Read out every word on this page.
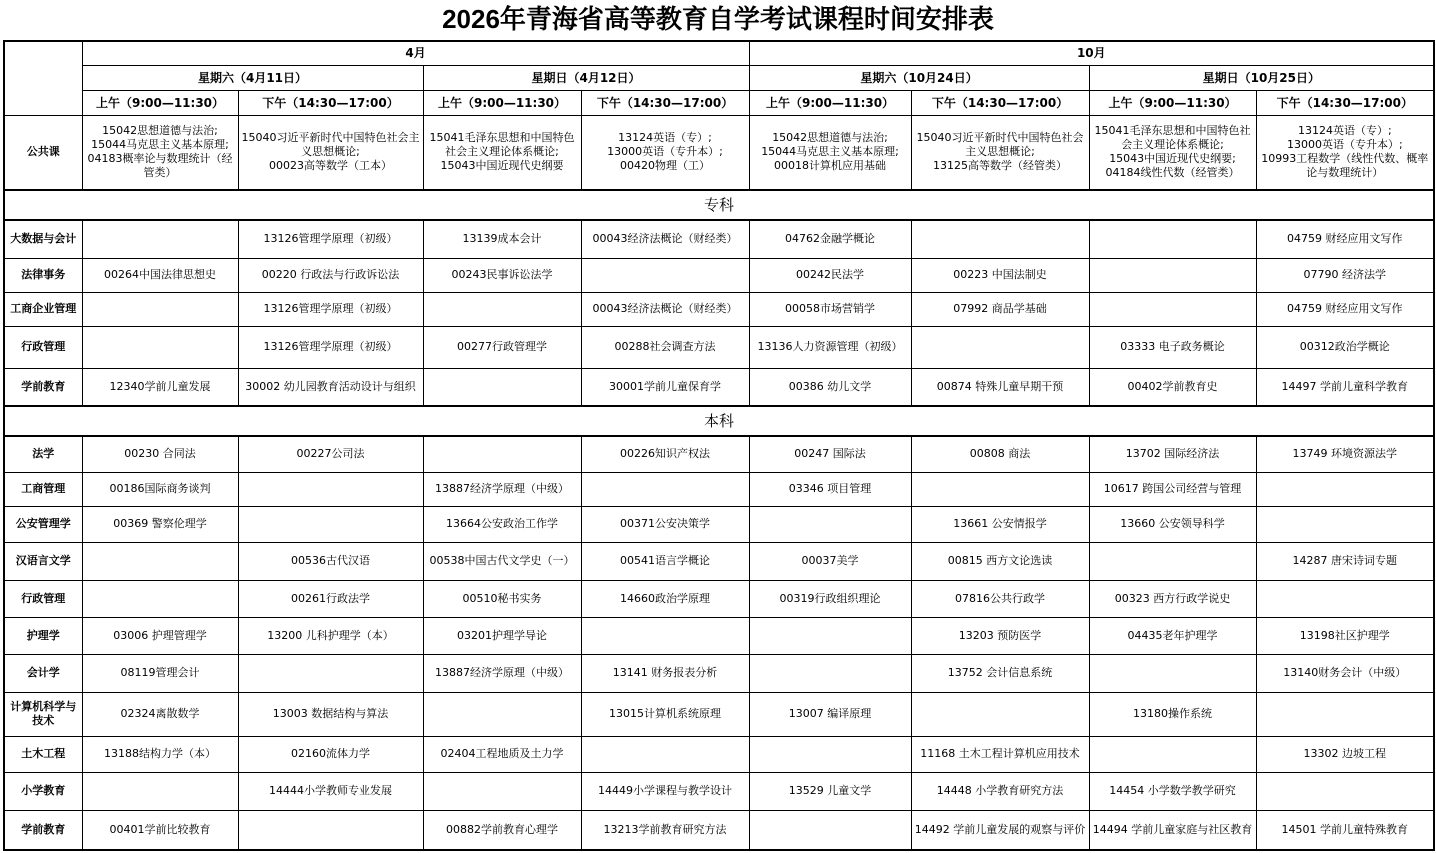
2026年青海省高等教育自学考试课程时间安排表
	4月				10月			
	星期六（4月11日）		星期日（4月12日）		星期六（10月24日）		星期日（10月25日）	
	上午（9:00—11:30）	下午（14:30—17:00）	上午（9:00—11:30）	下午（14:30—17:00）	上午（9:00—11:30）	下午（14:30—17:00）	上午（9:00—11:30）	下午（14:30—17:00）
公共课	15042思想道德与法治;
15044马克思主义基本原理;
04183概率论与数理统计（经管类）	15040习近平新时代中国特色社会主义思想概论;
00023高等数学（工本）	15041毛泽东思想和中国特色社会主义理论体系概论;
15043中国近现代史纲要	13124英语（专）;
13000英语（专升本）;
00420物理（工）	15042思想道德与法治;
15044马克思主义基本原理;
00018计算机应用基础	15040习近平新时代中国特色社会主义思想概论;
13125高等数学（经管类）	15041毛泽东思想和中国特色社会主义理论体系概论;
15043中国近现代史纲要;
04184线性代数（经管类）	13124英语（专）;
13000英语（专升本）;
10993工程数学（线性代数、概率论与数理统计）
专科								
大数据与会计		13126管理学原理（初级）	13139成本会计	00043经济法概论（财经类）	04762金融学概论			04759 财经应用文写作
法律事务	00264中国法律思想史	00220 行政法与行政诉讼法	00243民事诉讼法学		00242民法学	00223 中国法制史		07790 经济法学
工商企业管理		13126管理学原理（初级）		00043经济法概论（财经类）	00058市场营销学	07992 商品学基础		04759 财经应用文写作
行政管理		13126管理学原理（初级）	00277行政管理学	00288社会调查方法	13136人力资源管理（初级）		03333 电子政务概论	00312政治学概论
学前教育	12340学前儿童发展	30002 幼儿园教育活动设计与组织		30001学前儿童保育学	00386 幼儿文学	00874 特殊儿童早期干预	00402学前教育史	14497 学前儿童科学教育
本科								
法学	00230 合同法	00227公司法		00226知识产权法	00247 国际法	00808 商法	13702 国际经济法	13749 环境资源法学
工商管理	00186国际商务谈判		13887经济学原理（中级）		03346 项目管理		10617 跨国公司经营与管理	
公安管理学	00369 警察伦理学		13664公安政治工作学	00371公安决策学		13661 公安情报学	13660 公安领导科学	
汉语言文学		00536古代汉语	00538中国古代文学史（一）	00541语言学概论	00037美学	00815 西方文论选读		14287 唐宋诗词专题
行政管理		00261行政法学	00510秘书实务	14660政治学原理	00319行政组织理论	07816公共行政学	00323 西方行政学说史	
护理学	03006 护理管理学	13200 儿科护理学（本）	03201护理学导论			13203 预防医学	04435老年护理学	13198社区护理学
会计学	08119管理会计		13887经济学原理（中级）	13141 财务报表分析		13752 会计信息系统		13140财务会计（中级）
计算机科学与技术	02324离散数学	13003 数据结构与算法		13015计算机系统原理	13007 编译原理		13180操作系统	
土木工程	13188结构力学（本）	02160流体力学	02404工程地质及土力学			11168 土木工程计算机应用技术		13302 边坡工程
小学教育		14444小学教师专业发展		14449小学课程与教学设计	13529 儿童文学	14448 小学教育研究方法	14454 小学数学教学研究	
学前教育	00401学前比较教育		00882学前教育心理学	13213学前教育研究方法		14492 学前儿童发展的观察与评价	14494 学前儿童家庭与社区教育	14501 学前儿童特殊教育
